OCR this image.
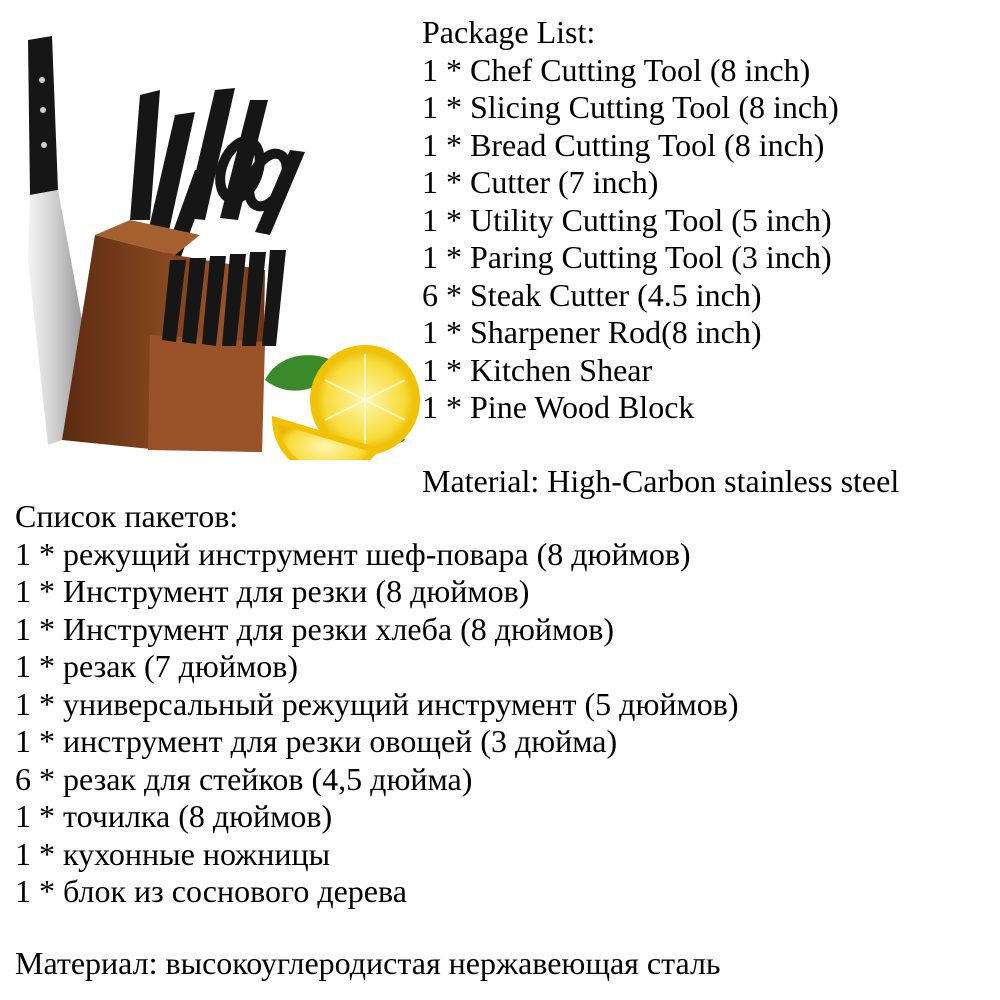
Package List:
1 * Chef Cutting Tool (8 inch)
1 * Slicing Cutting Tool (8 inch)
1 * Bread Cutting Tool (8 inch)
1 * Cutter (7 inch)
1 * Utility Cutting Tool (5 inch)
1 * Paring Cutting Tool (3 inch)
6 * Steak Cutter (4.5 inch)
1 * Sharpener Rod(8 inch)
1 * Kitchen Shear
1 * Pine Wood Block
Material: High-Carbon stainless steel
Список пакетов:
1 * режущий инструмент шеф-повара (8 дюймов)
1 * Инструмент для резки (8 дюймов)
1 * Инструмент для резки хлеба (8 дюймов)
1 * резак (7 дюймов)
1 * универсальный режущий инструмент (5 дюймов)
1 * инструмент для резки овощей (3 дюйма)
6 * резак для стейков (4,5 дюйма)
1 * точилка (8 дюймов)
1 * кухонные ножницы
1 * блок из соснового дерева
Материал: высокоуглеродистая нержавеющая сталь
